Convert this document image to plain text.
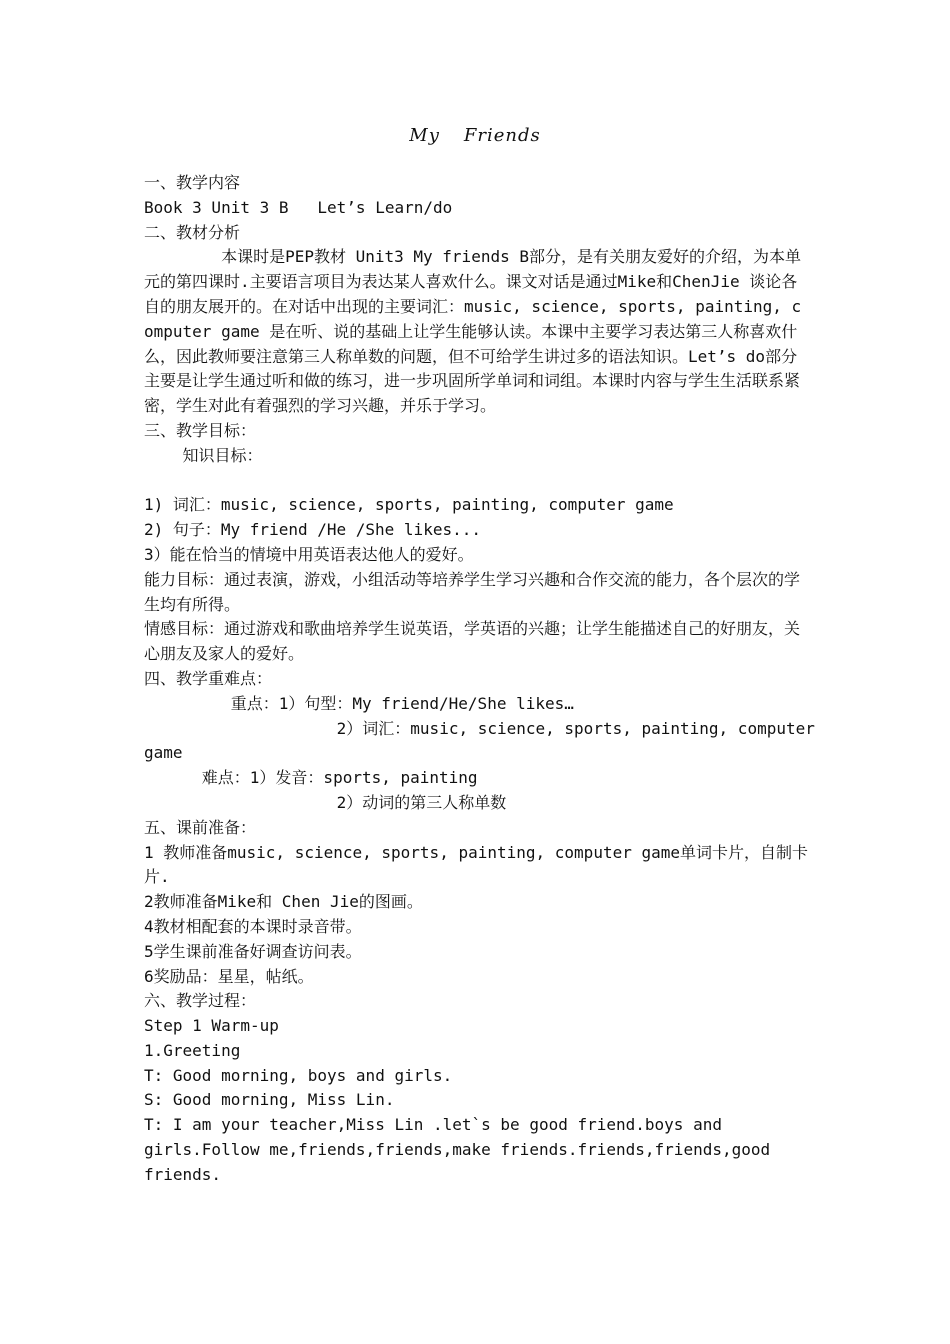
My Friends
一、教学内容
Book 3 Unit 3 B   Let’s Learn/do
二、教材分析
本课时是PEP教材 Unit3 My friends B部分，是有关朋友爱好的介绍，为本单元的第四课时.主要语言项目为表达某人喜欢什么。课文对话是通过Mike和ChenJie 谈论各自的朋友展开的。在对话中出现的主要词汇：music, science, sports, painting, computer game 是在听、说的基础上让学生能够认读。本课中主要学习表达第三人称喜欢什么，因此教师要注意第三人称单数的问题，但不可给学生讲过多的语法知识。Let’s do部分主要是让学生通过听和做的练习，进一步巩固所学单词和词组。本课时内容与学生生活联系紧密，学生对此有着强烈的学习兴趣，并乐于学习。
三、教学目标：
知识目标：
1) 词汇：music, science, sports, painting, computer game
2) 句子：My friend /He /She likes...
3）能在恰当的情境中用英语表达他人的爱好。
能力目标：通过表演，游戏，小组活动等培养学生学习兴趣和合作交流的能力，各个层次的学生均有所得。
情感目标：通过游戏和歌曲培养学生说英语，学英语的兴趣；让学生能描述自己的好朋友，关心朋友及家人的爱好。
四、教学重难点：
重点：1）句型：My friend/He/She likes…
2）词汇：music, science, sports, painting, computer
game
难点：1）发音：sports, painting
2）动词的第三人称单数
五、课前准备：
1 教师准备music, science, sports, painting, computer game单词卡片，自制卡片.
2教师准备Mike和 Chen Jie的图画。
4教材相配套的本课时录音带。
5学生课前准备好调查访问表。
6奖励品：星星，帖纸。
六、教学过程：
Step 1 Warm-up
1.Greeting
T: Good morning, boys and girls.
S: Good morning, Miss Lin.
T: I am your teacher,Miss Lin .let`s be good friend.boys and
girls.Follow me,friends,friends,make friends.friends,friends,good
friends.
